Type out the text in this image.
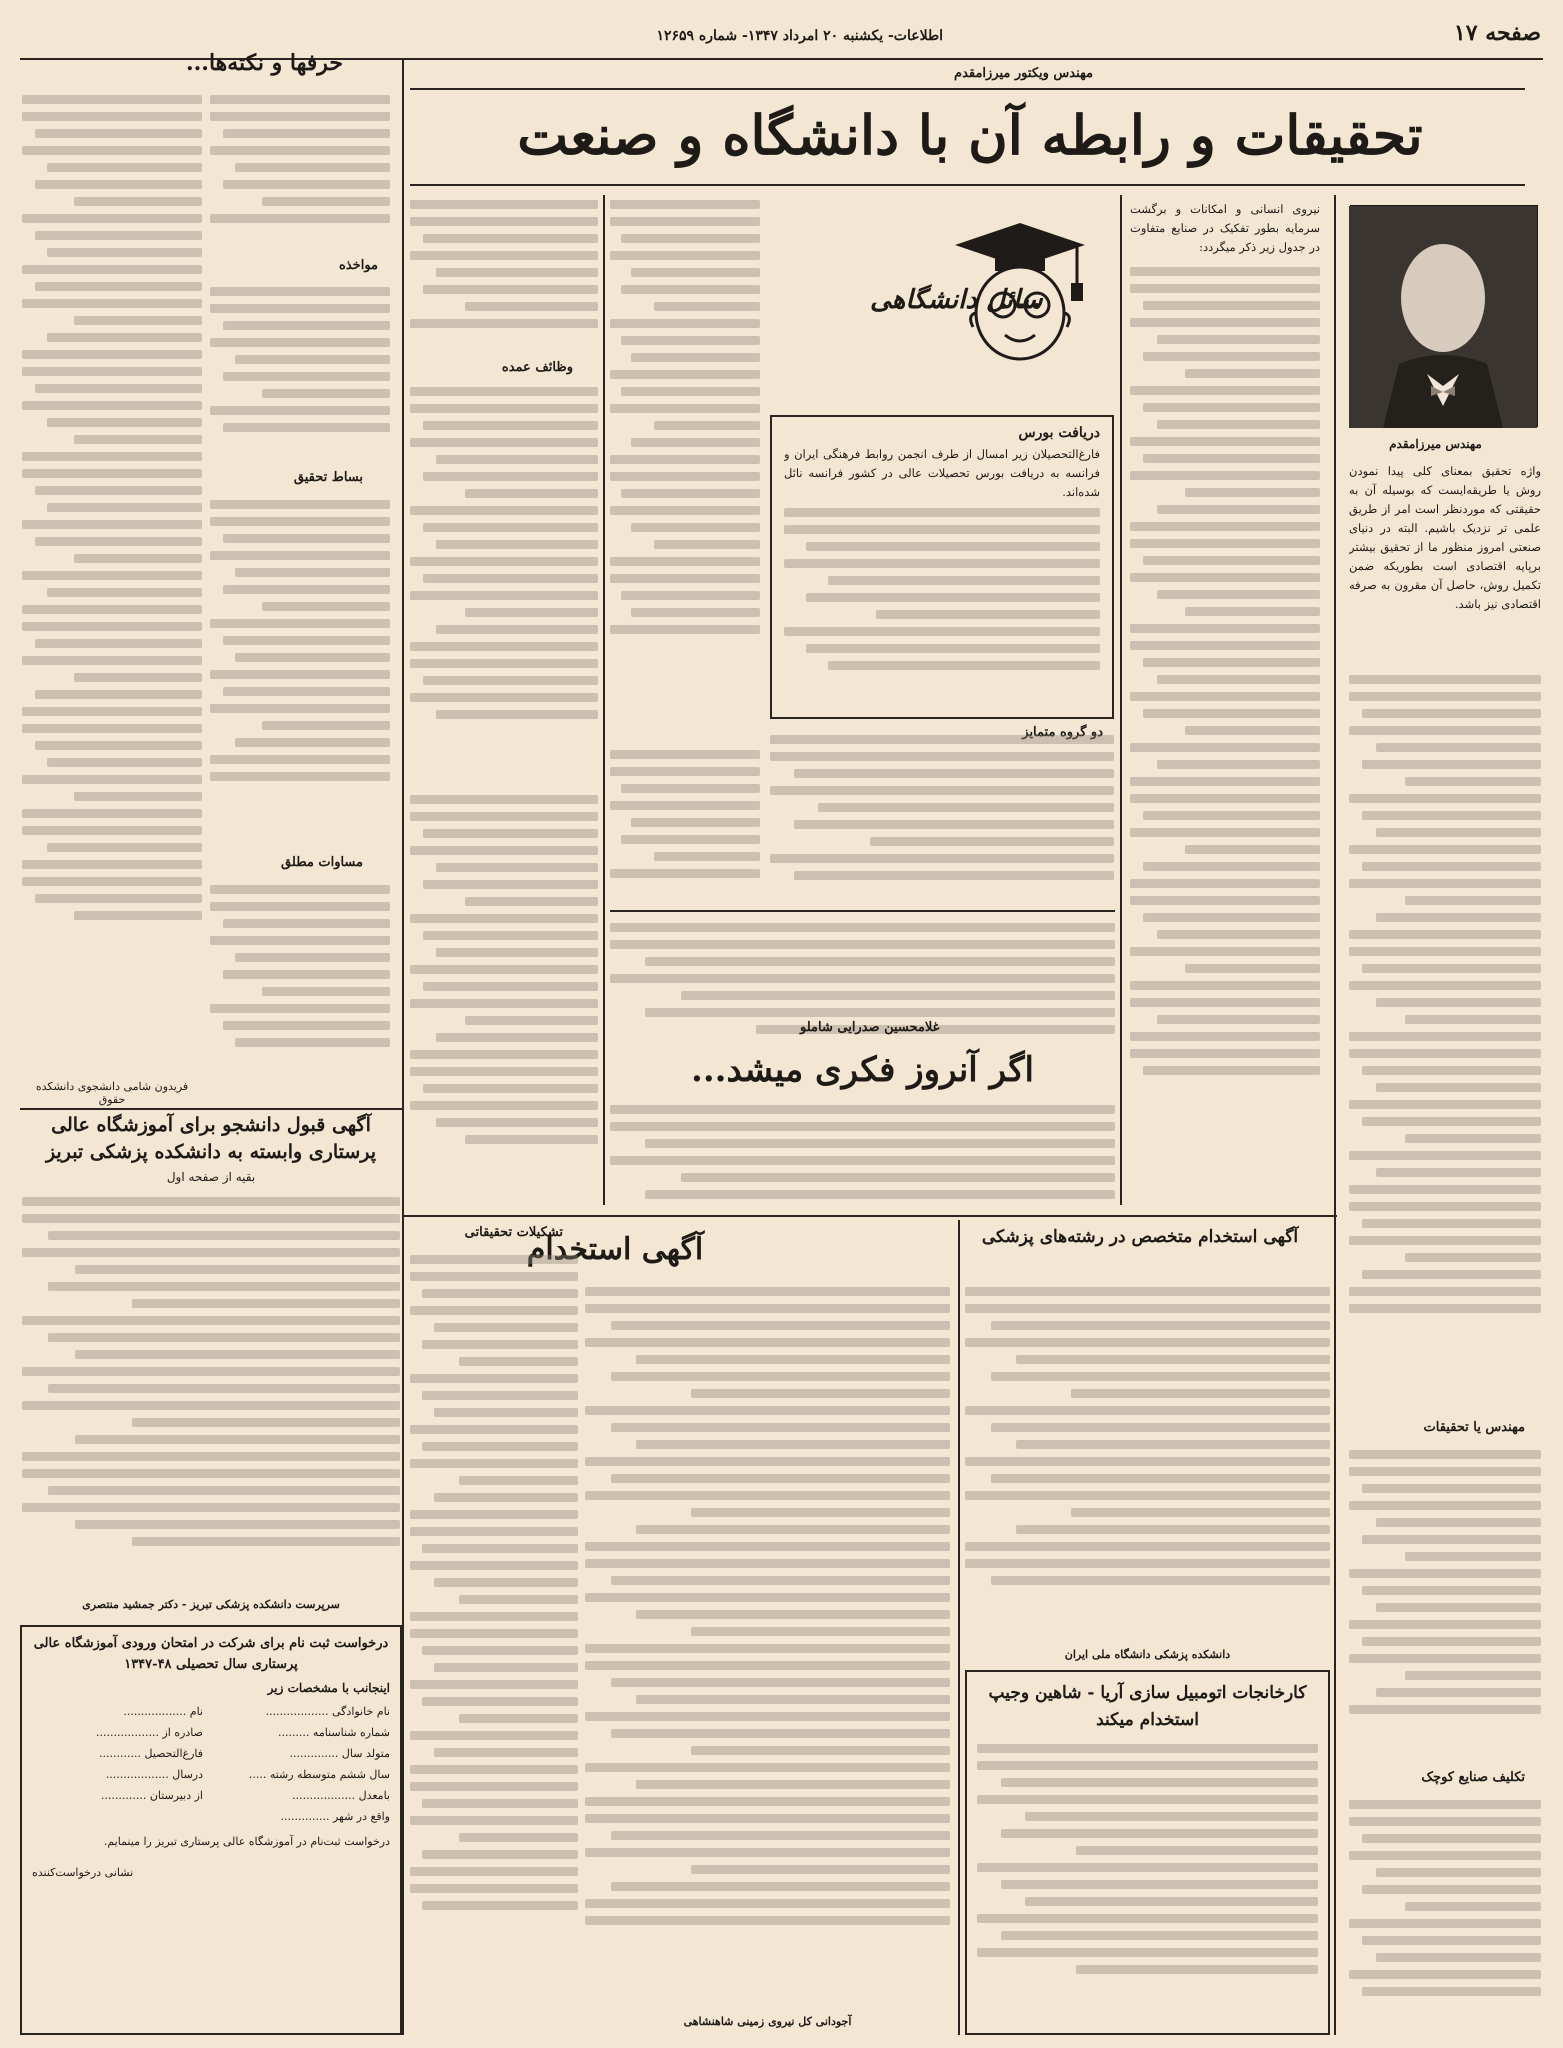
صفحه ۱۷
اطلاعات- یکشنبه ۲۰ امرداد ۱۳۴۷- شماره ۱۲۶۵۹
مهندس ویکتور میرزامقدم
تحقیقات و رابطه آن با دانشگاه و صنعت
مهندس میرزامقدم
واژه تحقیق بمعنای کلی پیدا نمودن روش یا طریقه‌ایست که بوسیله آن به حقیقتی که موردنظر است امر از طریق علمی تر نزدیک باشیم. البته در دنیای صنعتی امروز منظور ما از تحقیق بیشتر برپایه اقتصادی است بطوریکه ضمن تکمیل روش، حاصل آن مقرون به صرفه اقتصادی نیز باشد.
مهندس یا تحقیقات
تکلیف صنایع کوچک
نیروی انسانی و امکانات و برگشت سرمایه بطور تفکیک در صنایع متفاوت در جدول زیر ذکر میگردد:
سائل دانشگاهی
دریافت بورس
فارغ‌التحصیلان زیر امسال از طرف انجمن روابط فرهنگی ایران و فرانسه به دریافت بورس تحصیلات عالی در کشور فرانسه نائل شده‌اند.
وظائف عمده
دو گروه متمایز
غلامحسین صدرایی شاملو
اگر آنروز فکری میشد...
حرفها و نکته‌ها...
مواخذه
بساط تحقیق
مساوات مطلق
فریدون شامی دانشجوی دانشکده حقوق
آگهی قبول دانشجو برای آموزشگاه عالی پرستاری وابسته به دانشکده پزشکی تبریز
بقیه از صفحه اول
سرپرست دانشکده پزشکی تبریز - دکتر جمشید منتصری
درخواست ثبت نام برای شرکت در امتحان ورودی آموزشگاه عالی پرستاری سال تحصیلی ۴۸-۱۳۴۷
اینجانب با مشخصات زیر
نام خانوادگی ..................
نام ..................
شماره شناسنامه .........
صادره از ..................
متولد سال ..............
فارغ‌التحصیل ............
سال ششم متوسطه رشته .....
درسال ..................
بامعدل ..................
از دبیرستان .............
واقع در شهر ..............
درخواست ثبت‌نام در آموزشگاه عالی پرستاری تبریز را مینمایم.
نشانی درخواست‌کننده
آگهی استخدام
آجودانی کل نیروی زمینی شاهنشاهی
تشکیلات تحقیقاتی	آگهی استخدام متخصص در رشته‌های پزشکی
دانشکده پزشکی دانشگاه ملی ایران
کارخانجات اتومبیل سازی آریا - شاهین وجیپ استخدام میکند
